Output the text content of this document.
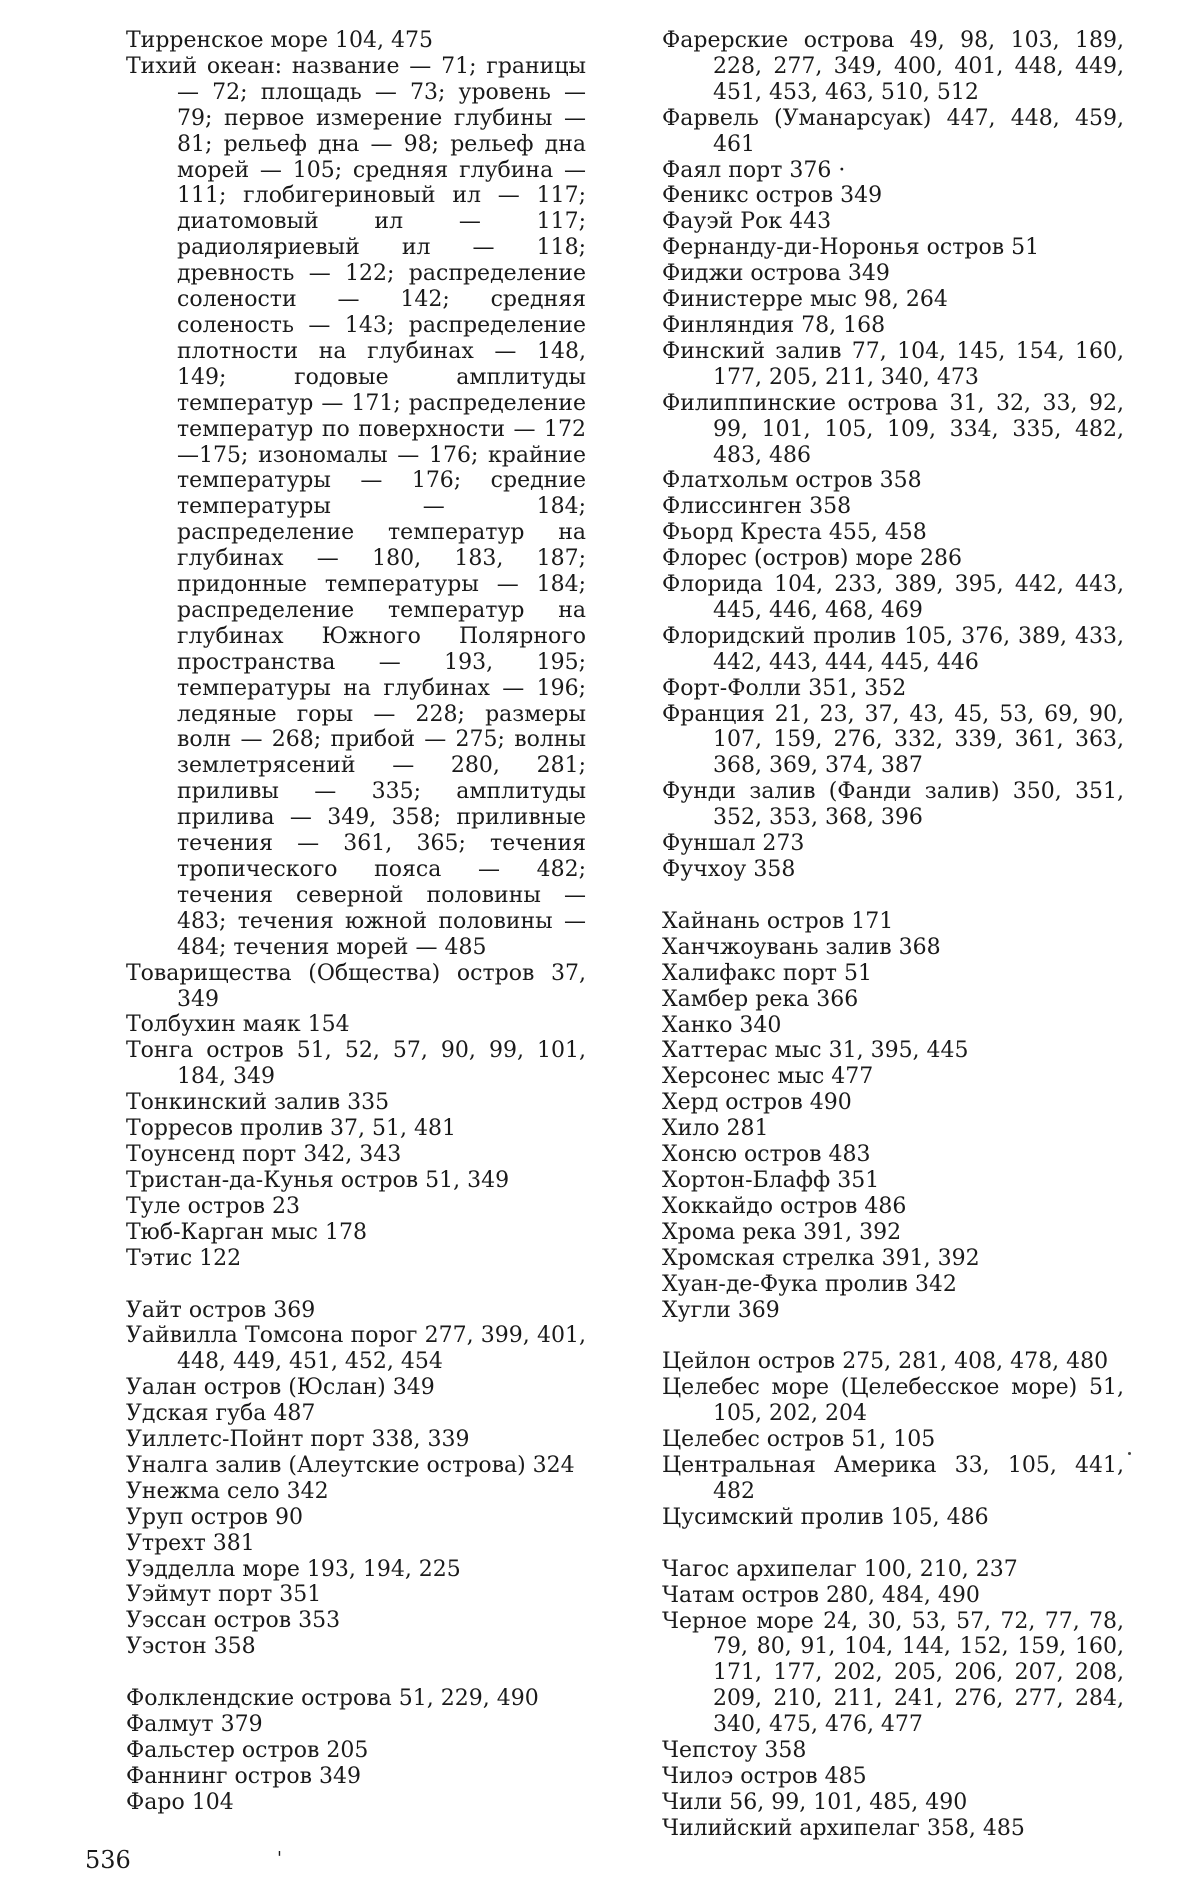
Тирренское море 104, 475
Тихий океан: название — 71; границы — 72; площадь — 73; уровень — 79; первое измерение глубины — 81; рельеф дна — 98; рельеф дна морей — 105; средняя глубина — 111; глобигериновый ил — 117; диатомовый ил — 117; радиоляриевый ил — 118; древность — 122; распределение солености — 142; средняя соленость — 143; распределение плотности на глубинах — 148, 149; годовые амплитуды температур — 171; распределение температур по поверхности — 172—175; изономалы — 176; крайние температуры — 176; средние температуры — 184; распределение температур на глубинах — 180, 183, 187; придонные температуры — 184; распределение температур на глубинах Южного Полярного пространства — 193, 195; температуры на глубинах — 196; ледяные горы — 228; размеры волн — 268; прибой — 275; волны землетрясений — 280, 281; приливы — 335; амплитуды прилива — 349, 358; приливные течения — 361, 365; течения тропического пояса — 482; течения северной половины — 483; течения южной половины — 484; течения морей — 485
Товарищества (Общества) остров 37, 349
Толбухин маяк 154
Тонга остров 51, 52, 57, 90, 99, 101, 184, 349
Тонкинский залив 335
Торресов пролив 37, 51, 481
Тоунсенд порт 342, 343
Тристан-да-Кунья остров 51, 349
Туле остров 23
Тюб-Карган мыс 178
Тэтис 122
Уайт остров 369
Уайвилла Томсона порог 277, 399, 401, 448, 449, 451, 452, 454
Уалан остров (Юслан) 349
Удская губа 487
Уиллетс-Пойнт порт 338, 339
Уналга залив (Алеутские острова) 324
Унежма село 342
Уруп остров 90
Утрехт 381
Уэдделла море 193, 194, 225
Уэймут порт 351
Уэссан остров 353
Уэстон 358
Фолклендские острова 51, 229, 490
Фалмут 379
Фальстер остров 205
Фаннинг остров 349
Фаро 104
Фарерские острова 49, 98, 103, 189, 228, 277, 349, 400, 401, 448, 449, 451, 453, 463, 510, 512
Фарвель (Уманарсуак) 447, 448, 459, 461
Фаял порт 376 ·
Феникс остров 349
Фауэй Рок 443
Фернанду-ди-Норонья остров 51
Фиджи острова 349
Финистерре мыс 98, 264
Финляндия 78, 168
Финский залив 77, 104, 145, 154, 160, 177, 205, 211, 340, 473
Филиппинские острова 31, 32, 33, 92, 99, 101, 105, 109, 334, 335, 482, 483, 486
Флатхольм остров 358
Флиссинген 358
Фьорд Креста 455, 458
Флорес (остров) море 286
Флорида 104, 233, 389, 395, 442, 443, 445, 446, 468, 469
Флоридский пролив 105, 376, 389, 433, 442, 443, 444, 445, 446
Форт-Фолли 351, 352
Франция 21, 23, 37, 43, 45, 53, 69, 90, 107, 159, 276, 332, 339, 361, 363, 368, 369, 374, 387
Фунди залив (Фанди залив) 350, 351, 352, 353, 368, 396
Фуншал 273
Фучхоу 358
Хайнань остров 171
Ханчжоувань залив 368
Халифакс порт 51
Хамбер река 366
Ханко 340
Хаттерас мыс 31, 395, 445
Херсонес мыс 477
Херд остров 490
Хило 281
Хонсю остров 483
Хортон-Блафф 351
Хоккайдо остров 486
Хрома река 391, 392
Хромская стрелка 391, 392
Хуан-де-Фука пролив 342
Хугли 369
Цейлон остров 275, 281, 408, 478, 480
Целебес море (Целебесское море) 51, 105, 202, 204
Целебес остров 51, 105
Центральная Америка 33, 105, 441, 482
Цусимский пролив 105, 486
Чагос архипелаг 100, 210, 237
Чатам остров 280, 484, 490
Черное море 24, 30, 53, 57, 72, 77, 78, 79, 80, 91, 104, 144, 152, 159, 160, 171, 177, 202, 205, 206, 207, 208, 209, 210, 211, 241, 276, 277, 284, 340, 475, 476, 477
Чепстоу 358
Чилоэ остров 485
Чили 56, 99, 101, 485, 490
Чилийский архипелаг 358, 485
536	'
